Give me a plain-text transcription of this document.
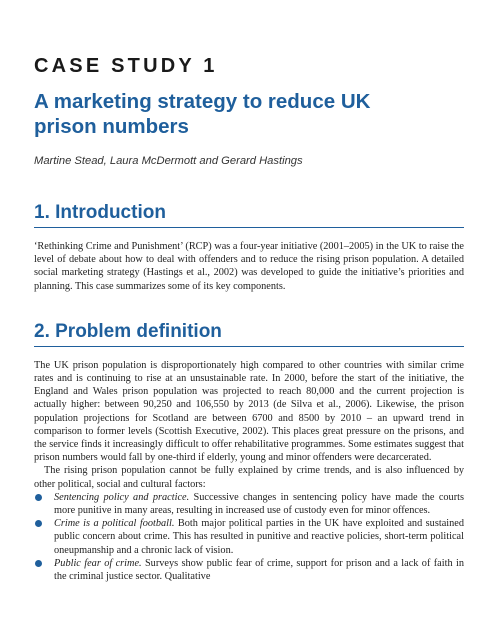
CASE STUDY 1
A marketing strategy to reduce UK prison numbers

Martine Stead, Laura McDermott and Gerard Hastings

1. Introduction

‘Rethinking Crime and Punishment’ (RCP) was a four-year initiative (2001–2005) in the UK to raise the level of debate about how to deal with offenders and to reduce the rising prison population. A detailed social marketing strategy (Hastings et al., 2002) was developed to guide the initiative’s priorities and planning. This case summarizes some of its key components.

2. Problem definition

The UK prison population is disproportionately high compared to other countries with similar crime rates and is continuing to rise at an unsustainable rate. In 2000, before the start of the initiative, the England and Wales prison population was projected to reach 80,000 and the current projection is actually higher: between 90,250 and 106,550 by 2013 (de Silva et al., 2006). Likewise, the prison population projections for Scotland are between 6700 and 8500 by 2010 – an upward trend in comparison to former levels (Scottish Executive, 2002). This places great pressure on the prisons, and the service finds it increasingly difficult to offer rehabilitative programmes. Some estimates suggest that prison numbers would fall by one-third if elderly, young and minor offenders were decarcerated.

The rising prison population cannot be fully explained by crime trends, and is also influenced by other political, social and cultural factors:

Sentencing policy and practice. Successive changes in sentencing policy have made the courts more punitive in many areas, resulting in increased use of custody even for minor offences.
Crime is a political football. Both major political parties in the UK have exploited and sustained public concern about crime. This has resulted in punitive and reactive policies, short-term political oneupmanship and a chronic lack of vision.
Public fear of crime. Surveys show public fear of crime, support for prison and a lack of faith in the criminal justice sector. Qualitative
